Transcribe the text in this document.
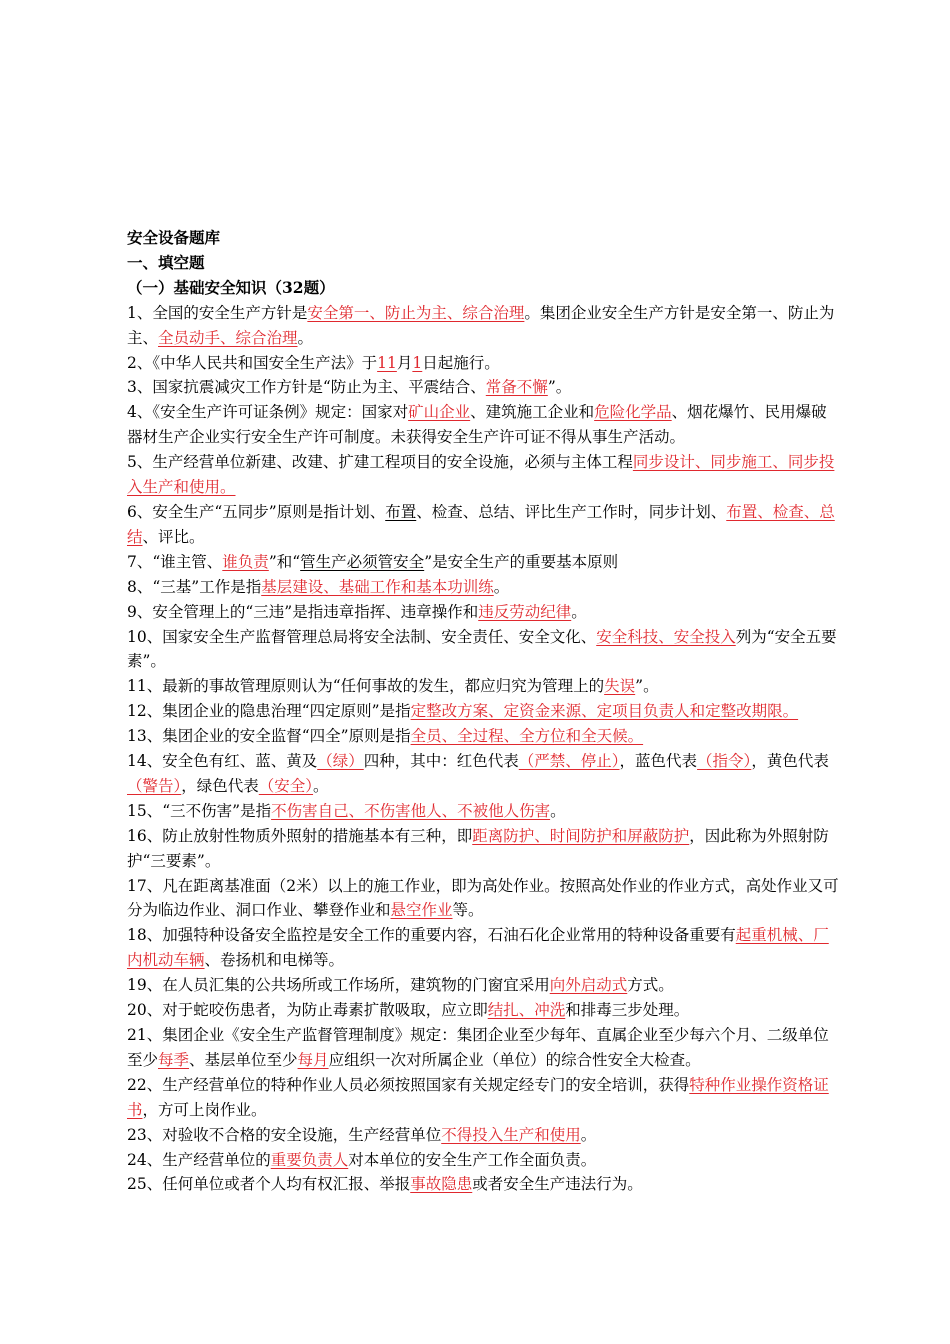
安全设备题库

一、填空题

（一）基础安全知识（32题）

1、全国的安全生产方针是安全第一、防止为主、综合治理。集团企业安全生产方针是安全第一、防止为主、全员动手、综合治理。

2、《中华人民共和国安全生产法》于11月1日起施行。

3、国家抗震减灾工作方针是“防止为主、平震结合、常备不懈”。

4、《安全生产许可证条例》规定：国家对矿山企业、建筑施工企业和危险化学品、烟花爆竹、民用爆破器材生产企业实行安全生产许可制度。未获得安全生产许可证不得从事生产活动。

5、生产经营单位新建、改建、扩建工程项目的安全设施，必须与主体工程同步设计、同步施工、同步投入生产和使用。

6、安全生产“五同步”原则是指计划、布置、检查、总结、评比生产工作时，同步计划、布置、检查、总结、评比。

7、“谁主管、谁负责”和“管生产必须管安全”是安全生产的重要基本原则

8、“三基”工作是指基层建设、基础工作和基本功训练。

9、安全管理上的“三违”是指违章指挥、违章操作和违反劳动纪律。

10、国家安全生产监督管理总局将安全法制、安全责任、安全文化、安全科技、安全投入列为“安全五要素”。

11、最新的事故管理原则认为“任何事故的发生，都应归究为管理上的失误”。

12、集团企业的隐患治理“四定原则”是指定整改方案、定资金来源、定项目负责人和定整改期限。

13、集团企业的安全监督“四全”原则是指全员、全过程、全方位和全天候。

14、安全色有红、蓝、黄及（绿）四种，其中：红色代表（严禁、停止），蓝色代表（指令），黄色代表（警告），绿色代表（安全）。

15、“三不伤害”是指不伤害自己、不伤害他人、不被他人伤害。

16、防止放射性物质外照射的措施基本有三种，即距离防护、时间防护和屏蔽防护，因此称为外照射防护“三要素”。

17、凡在距离基准面（2米）以上的施工作业，即为高处作业。按照高处作业的作业方式，高处作业又可分为临边作业、洞口作业、攀登作业和悬空作业等。

18、加强特种设备安全监控是安全工作的重要内容，石油石化企业常用的特种设备重要有起重机械、厂内机动车辆、卷扬机和电梯等。

19、在人员汇集的公共场所或工作场所，建筑物的门窗宜采用向外启动式方式。

20、对于蛇咬伤患者，为防止毒素扩散吸取，应立即结扎、冲洗和排毒三步处理。

21、集团企业《安全生产监督管理制度》规定：集团企业至少每年、直属企业至少每六个月、二级单位至少每季、基层单位至少每月应组织一次对所属企业（单位）的综合性安全大检查。

22、生产经营单位的特种作业人员必须按照国家有关规定经专门的安全培训，获得特种作业操作资格证书，方可上岗作业。

23、对验收不合格的安全设施，生产经营单位不得投入生产和使用。

24、生产经营单位的重要负责人对本单位的安全生产工作全面负责。

25、任何单位或者个人均有权汇报、举报事故隐患或者安全生产违法行为。
